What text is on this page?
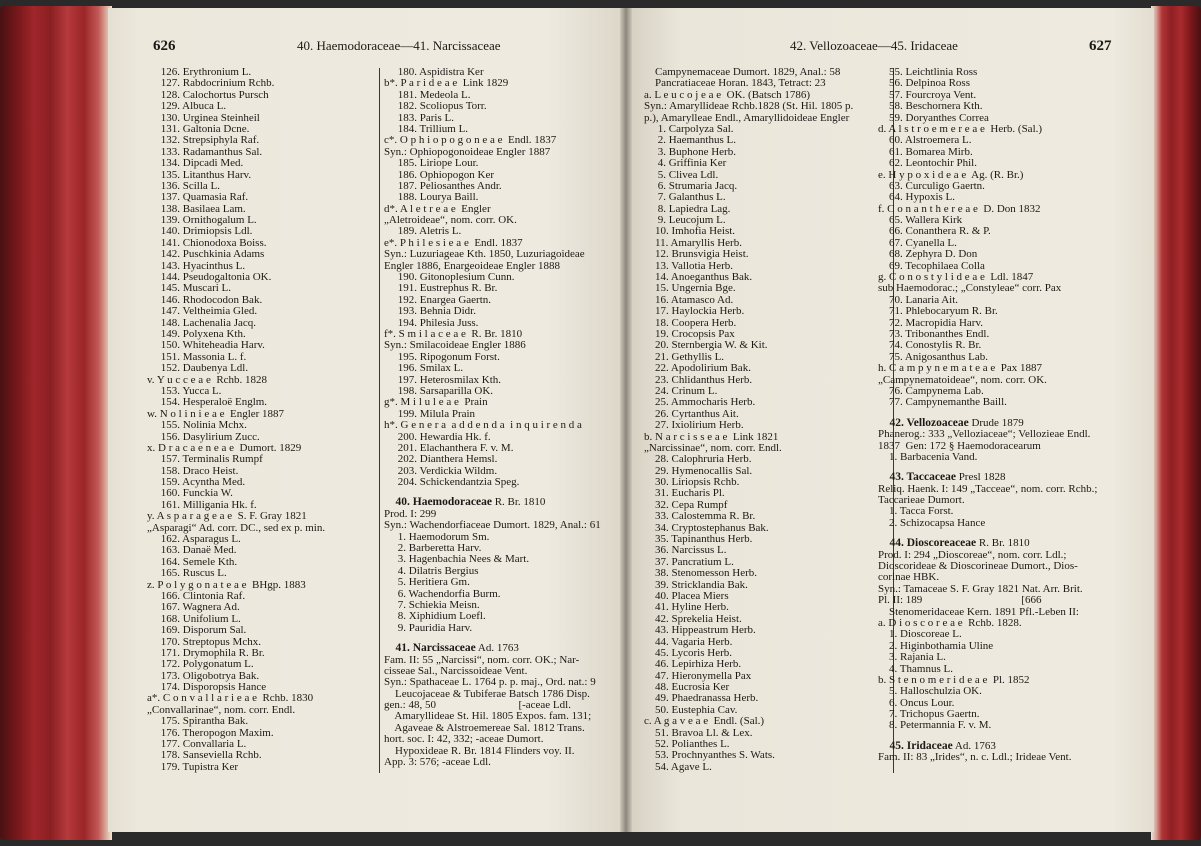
626	40. Haemodoraceae—41. Narcissaceae	42. Vellozoaceae—45. Iridaceae	627
126. Erythronium L.
127. Rabdocrinium Rchb.
128. Calochortus Pursch
129. Albuca L.
130. Urginea Steinheil
131. Galtonia Dcne.
132. Strepsiphyla Raf.
133. Radamanthus Sal.
134. Dipcadi Med.
135. Litanthus Harv.
136. Scilla L.
137. Quamasia Raf.
138. Basilaea Lam.
139. Ornithogalum L.
140. Drimiopsis Ldl.
141. Chionodoxa Boiss.
142. Puschkinia Adams
143. Hyacinthus L.
144. Pseudogaltonia OK.
145. Muscari L.
146. Rhodocodon Bak.
147. Veltheimia Gled.
148. Lachenalia Jacq.
149. Polyxena Kth.
150. Whiteheadia Harv.
151. Massonia L. f.
152. Daubenya Ldl.
v. Y u c c e a e  Rchb. 1828
153. Yucca L.
154. Hesperaloë Englm.
w. N o l i n i e a e  Engler 1887
155. Nolinia Mchx.
156. Dasylirium Zucc.
x. D r a c a e n e a e  Dumort. 1829
157. Terminalis Rumpf
158. Draco Heist.
159. Acyntha Med.
160. Funckia W.
161. Milligania Hk. f.
y. A s p a r a g e a e  S. F. Gray 1821
„Asparagi“ Ad. corr. DC., sed ex p. min.
162. Asparagus L.
163. Danaë Med.
164. Semele Kth.
165. Ruscus L.
z. P o l y g o n a t e a e  BHgp. 1883
166. Clintonia Raf.
167. Wagnera Ad.
168. Unifolium L.
169. Disporum Sal.
170. Streptopus Mchx.
171. Drymophila R. Br.
172. Polygonatum L.
173. Oligobotrya Bak.
174. Disporopsis Hance
a*. C o n v a l l a r i e a e  Rchb. 1830
„Convallarinae“, nom. corr. Endl.
175. Spirantha Bak.
176. Theropogon Maxim.
177. Convallaria L.
178. Sanseviella Rchb.
179. Tupistra Ker
180. Aspidistra Ker
b*. P a r i d e a e  Link 1829
181. Medeola L.
182. Scoliopus Torr.
183. Paris L.
184. Trillium L.
c*. O p h i o p o g o n e a e  Endl. 1837
Syn.: Ophiopogonoideae Engler 1887
185. Liriope Lour.
186. Ophiopogon Ker
187. Peliosanthes Andr.
188. Lourya Baill.
d*. A l e t r e a e  Engler
„Aletroideae“, nom. corr. OK.
189. Aletris L.
e*. P h i l e s i e a e  Endl. 1837
Syn.: Luzuriageae Kth. 1850, Luzuriagoideae
Engler 1886, Enargeoideae Engler 1888
190. Gitonoplesium Cunn.
191. Eustrephus R. Br.
192. Enargea Gaertn.
193. Behnia Didr.
194. Philesia Juss.
f*. S m i l a c e a e  R. Br. 1810
Syn.: Smilacoideae Engler 1886
195. Ripogonum Forst.
196. Smilax L.
197. Heterosmilax Kth.
198. Sarsaparilla OK.
g*. M i l u l e a e  Prain
199. Milula Prain
h*. G e n e r a  a d d e n d a  i n q u i r e n d a
200. Hewardia Hk. f.
201. Elachanthera F. v. M.
202. Dianthera Hemsl.
203. Verdickia Wildm.
204. Schickendantzia Speg.
40. Haemodoraceae R. Br. 1810
Prod. I: 299
Syn.: Wachendorfiaceae Dumort. 1829, Anal.: 61
1. Haemodorum Sm.
2. Barberetta Harv.
3. Hagenbachia Nees & Mart.
4. Dilatris Bergius
5. Heritiera Gm.
6. Wachendorfia Burm.
7. Schiekia Meisn.
8. Xiphidium Loefl.
9. Pauridia Harv.
41. Narcissaceae Ad. 1763
Fam. II: 55 „Narcissi“, nom. corr. OK.; Nar-
cisseae Sal., Narcissoideae Vent.
Syn.: Spathaceae L. 1764 p. p. maj., Ord. nat.: 9
Leucojaceae & Tubiferae Batsch 1786 Disp.
gen.: 48, 50                              [-aceae Ldl.
Amaryllideae St. Hil. 1805 Expos. fam. 131;
Agaveae & Alstroemereae Sal. 1812 Trans.
hort. soc. I: 42, 332; -aceae Dumort.
Hypoxideae R. Br. 1814 Flinders voy. II.
App. 3: 576; -aceae Ldl.
Campynemaceae Dumort. 1829, Anal.: 58
Pancratiaceae Horan. 1843, Tetract: 23
a. L e u c o j e a e  OK. (Batsch 1786)
Syn.: Amaryllideae Rchb.1828 (St. Hil. 1805 p.
p.), Amarylleae Endl., Amaryllidoideae Engler
1. Carpolyza Sal.
2. Haemanthus L.
3. Buphone Herb.
4. Griffinia Ker
5. Clivea Ldl.
6. Strumaria Jacq.
7. Galanthus L.
8. Lapiedra Lag.
9. Leucojum L.
10. Imhofia Heist.
11. Amaryllis Herb.
12. Brunsvigia Heist.
13. Vallotia Herb.
14. Anoeganthus Bak.
15. Ungernia Bge.
16. Atamasco Ad.
17. Haylockia Herb.
18. Coopera Herb.
19. Crocopsis Pax
20. Sternbergia W. & Kit.
21. Gethyllis L.
22. Apodolirium Bak.
23. Chlidanthus Herb.
24. Crinum L.
25. Ammocharis Herb.
26. Cyrtanthus Ait.
27. Ixiolirium Herb.
b. N a r c i s s e a e  Link 1821
„Narcissinae“, nom. corr. Endl.
28. Calophruria Herb.
29. Hymenocallis Sal.
30. Liriopsis Rchb.
31. Eucharis Pl.
32. Cepa Rumpf
33. Calostemma R. Br.
34. Cryptostephanus Bak.
35. Tapinanthus Herb.
36. Narcissus L.
37. Pancratium L.
38. Stenomesson Herb.
39. Stricklandia Bak.
40. Placea Miers
41. Hyline Herb.
42. Sprekelia Heist.
43. Hippeastrum Herb.
44. Vagaria Herb.
45. Lycoris Herb.
46. Lepirhiza Herb.
47. Hieronymella Pax
48. Eucrosia Ker
49. Phaedranassa Herb.
50. Eustephia Cav.
c. A g a v e a e  Endl. (Sal.)
51. Bravoa Ll. & Lex.
52. Polianthes L.
53. Prochnyanthes S. Wats.
54. Agave L.
55. Leichtlinia Ross
56. Delpinoa Ross
57. Fourcroya Vent.
58. Beschornera Kth.
59. Doryanthes Correa
d. A l s t r o e m e r e a e  Herb. (Sal.)
60. Alstroemera L.
61. Bomarea Mirb.
62. Leontochir Phil.
e. H y p o x i d e a e  Ag. (R. Br.)
63. Curculigo Gaertn.
64. Hypoxis L.
f. C o n a n t h e r e a e  D. Don 1832
65. Wallera Kirk
66. Conanthera R. & P.
67. Cyanella L.
68. Zephyra D. Don
69. Tecophilaea Colla
g. C o n o s t y l i d e a e  Ldl. 1847
sub Haemodorac.; „Constyleae“ corr. Pax
70. Lanaria Ait.
71. Phlebocaryum R. Br.
72. Macropidia Harv.
73. Tribonanthes Endl.
74. Conostylis R. Br.
75. Anigosanthus Lab.
h. C a m p y n e m a t e a e  Pax 1887
„Campynematoideae“, nom. corr. OK.
76. Campynema Lab.
77. Campynemanthe Baill.
42. Vellozoaceae Drude 1879
Phanerog.: 333 „Velloziaceae“; Vellozieae Endl.
1837  Gen: 172 § Haemodoracearum
1. Barbacenia Vand.
43. Taccaceae Presl 1828
Reliq. Haenk. I: 149 „Tacceae“, nom. corr. Rchb.;
Taccarieae Dumort.
1. Tacca Forst.
2. Schizocapsa Hance
44. Dioscoreaceae R. Br. 1810
Prod. I: 294 „Dioscoreae“, nom. corr. Ldl.;
Dioscorideae & Dioscorineae Dumort., Dios-
corinae HBK.
Syn.: Tamaceae S. F. Gray 1821 Nat. Arr. Brit.
Pl. II: 189                                    [666
Stenomeridaceae Kern. 1891 Pfl.-Leben II:
a. D i o s c o r e a e  Rchb. 1828.
1. Dioscoreae L.
2. Higinbothamia Uline
3. Rajania L.
4. Thamnus L.
b. S t e n o m e r i d e a e  Pl. 1852
5. Halloschulzia OK.
6. Oncus Lour.
7. Trichopus Gaertn.
8. Petermannia F. v. M.
45. Iridaceae Ad. 1763
Fam. II: 83 „Irides“, n. c. Ldl.; Irideae Vent.
